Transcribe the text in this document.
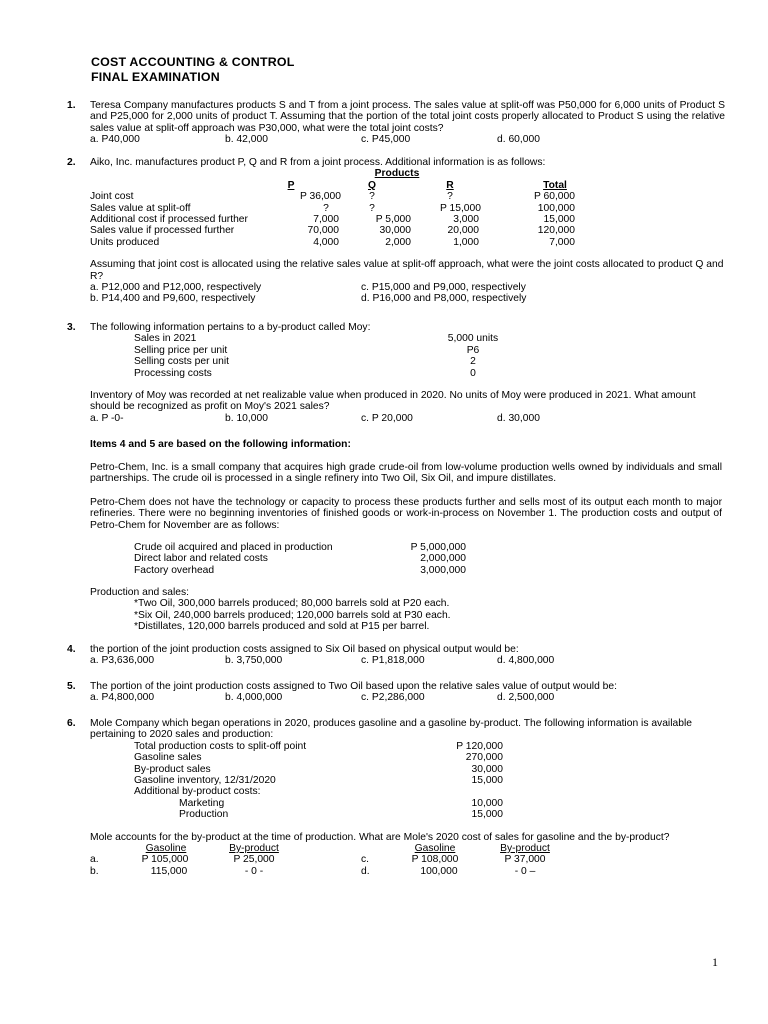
COST ACCOUNTING & CONTROL
FINAL EXAMINATION
1. Teresa Company manufactures products S and T from a joint process. The sales value at split-off was P50,000 for 6,000 units of Product S and P25,000 for 2,000 units of product T. Assuming that the portion of the total joint costs properly allocated to Product S using the relative sales value at split-off approach was P30,000, what were the total joint costs?
a. P40,000	b. 42,000	c. P45,000	d. 60,000
2. Aiko, Inc. manufactures product P, Q and R from a joint process. Additional information is as follows:
Products
P	Q	R	Total
Joint cost	P 36,000	?	?	P 60,000
Sales value at split-off	?	?	P 15,000	100,000
Additional cost if processed further	7,000	P 5,000	3,000	15,000
Sales value if processed further	70,000	30,000	20,000	120,000
Units produced	4,000	2,000	1,000	7,000
Assuming that joint cost is allocated using the relative sales value at split-off approach, what were the joint costs allocated to product Q and R?
a. P12,000 and P12,000, respectively	c. P15,000 and P9,000, respectively
b. P14,400 and P9,600, respectively	d. P16,000 and P8,000, respectively
3. The following information pertains to a by-product called Moy:
Sales in 2021	5,000 units
Selling price per unit	P6
Selling costs per unit	2
Processing costs	0
Inventory of Moy was recorded at net realizable value when produced in 2020. No units of Moy were produced in 2021. What amount should be recognized as profit on Moy's 2021 sales?
a. P -0-	b. 10,000	c. P 20,000	d. 30,000
Items 4 and 5 are based on the following information:
Petro-Chem, Inc. is a small company that acquires high grade crude-oil from low-volume production wells owned by individuals and small partnerships. The crude oil is processed in a single refinery into Two Oil, Six Oil, and impure distillates.
Petro-Chem does not have the technology or capacity to process these products further and sells most of its output each month to major refineries. There were no beginning inventories of finished goods or work-in-process on November 1. The production costs and output of Petro-Chem for November are as follows:
Crude oil acquired and placed in production	P 5,000,000
Direct labor and related costs	2,000,000
Factory overhead	3,000,000
Production and sales:
*Two Oil, 300,000 barrels produced; 80,000 barrels sold at P20 each.
*Six Oil, 240,000 barrels produced; 120,000 barrels sold at P30 each.
*Distillates, 120,000 barrels produced and sold at P15 per barrel.
4. the portion of the joint production costs assigned to Six Oil based on physical output would be:
a. P3,636,000	b. 3,750,000	c. P1,818,000	d. 4,800,000
5. The portion of the joint production costs assigned to Two Oil based upon the relative sales value of output would be:
a. P4,800,000	b. 4,000,000	c. P2,286,000	d. 2,500,000
6. Mole Company which began operations in 2020, produces gasoline and a gasoline by-product. The following information is available pertaining to 2020 sales and production:
Total production costs to split-off point	P 120,000
Gasoline sales	270,000
By-product sales	30,000
Gasoline inventory, 12/31/2020	15,000
Additional by-product costs:
Marketing	10,000
Production	15,000
Mole accounts for the by-product at the time of production. What are Mole's 2020 cost of sales for gasoline and the by-product?
Gasoline	By-product	Gasoline	By-product
a.	P 105,000	P 25,000	c.	P 108,000	P 37,000
b.	115,000	- 0 -	d.	100,000	- 0 –
1
